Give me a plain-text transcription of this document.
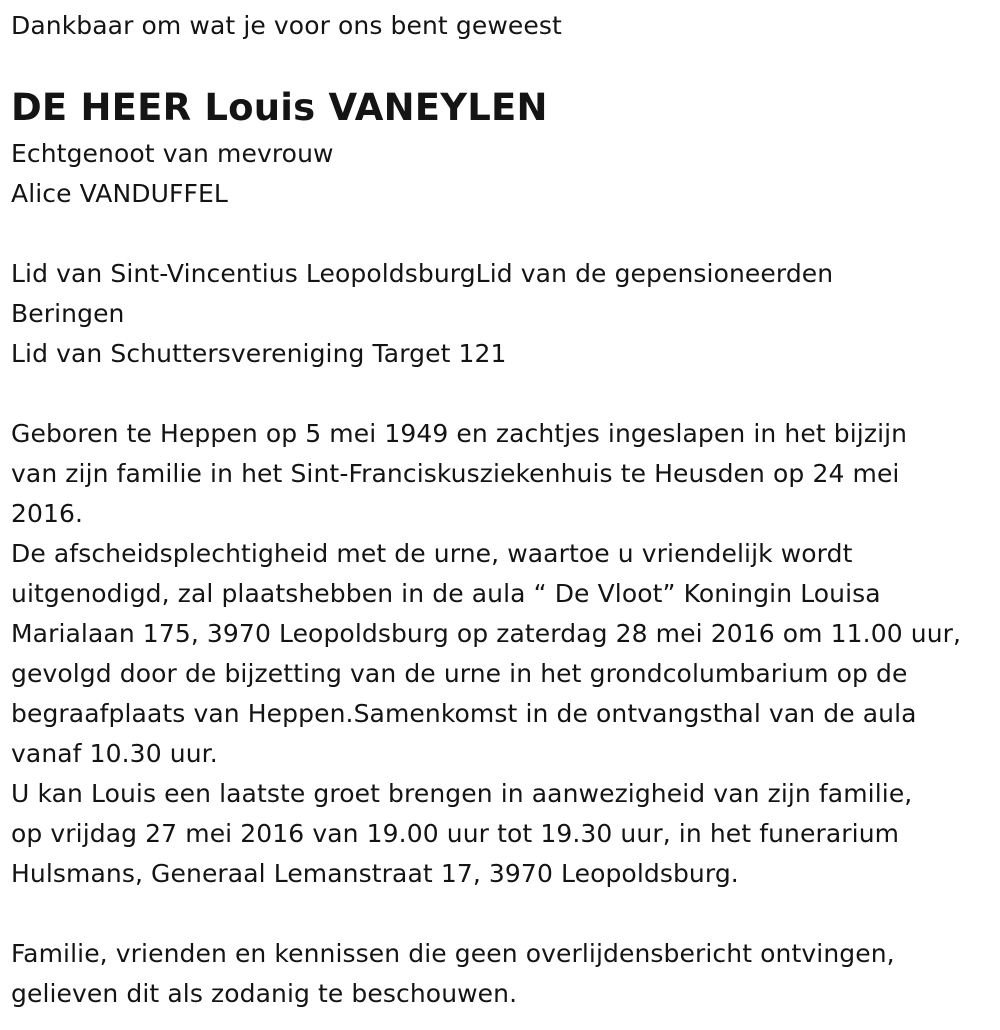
Dankbaar om wat je voor ons bent geweest
DE HEER Louis VANEYLEN
Echtgenoot van mevrouw
Alice VANDUFFEL
Lid van Sint-Vincentius LeopoldsburgLid van de gepensioneerden
Beringen
Lid van Schuttersvereniging Target 121
Geboren te Heppen op 5 mei 1949 en zachtjes ingeslapen in het bijzijn
van zijn familie in het Sint-Franciskusziekenhuis te Heusden op 24 mei
2016.
De afscheidsplechtigheid met de urne, waartoe u vriendelijk wordt
uitgenodigd, zal plaatshebben in de aula “ De Vloot” Koningin Louisa
Marialaan 175, 3970 Leopoldsburg op zaterdag 28 mei 2016 om 11.00 uur,
gevolgd door de bijzetting van de urne in het grondcolumbarium op de
begraafplaats van Heppen.Samenkomst in de ontvangsthal van de aula
vanaf 10.30 uur.
U kan Louis een laatste groet brengen in aanwezigheid van zijn familie,
op vrijdag 27 mei 2016 van 19.00 uur tot 19.30 uur, in het funerarium
Hulsmans, Generaal Lemanstraat 17, 3970 Leopoldsburg.
Familie, vrienden en kennissen die geen overlijdensbericht ontvingen,
gelieven dit als zodanig te beschouwen.
